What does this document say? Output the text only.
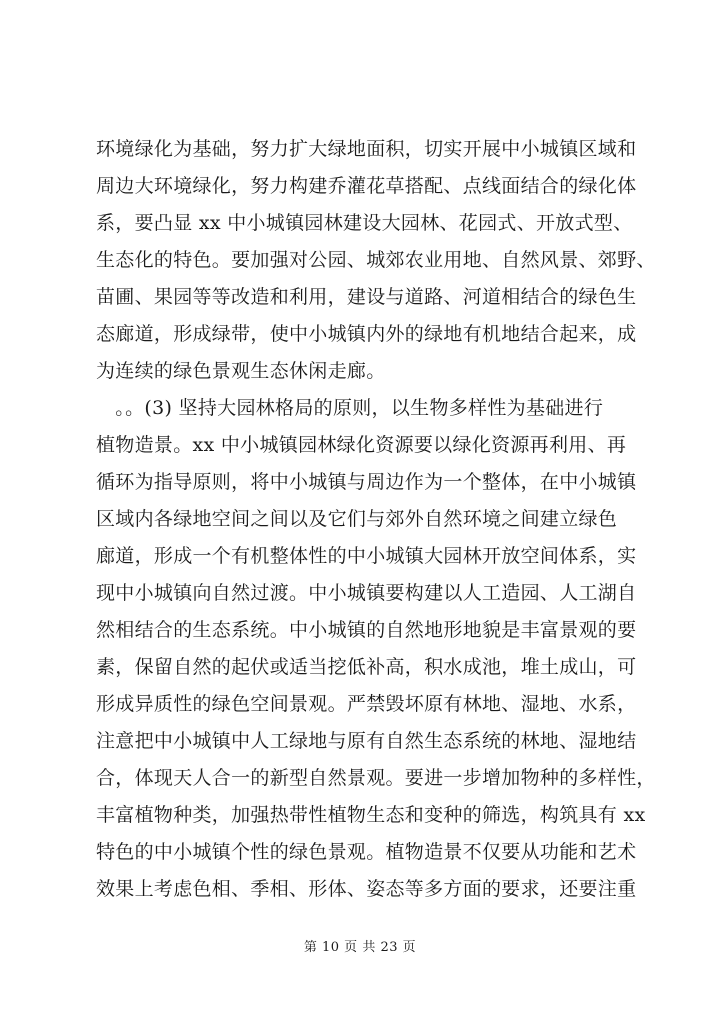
环境绿化为基础，努力扩大绿地面积，切实开展中小城镇区域和
周边大环境绿化，努力构建乔灌花草搭配、点线面结合的绿化体
系，要凸显 xx 中小城镇园林建设大园林、花园式、开放式型、
生态化的特色。要加强对公园、城郊农业用地、自然风景、郊野、
苗圃、果园等等改造和利用，建设与道路、河道相结合的绿色生
态廊道，形成绿带，使中小城镇内外的绿地有机地结合起来，成
为连续的绿色景观生态休闲走廊。
　。。(3) 坚持大园林格局的原则，以生物多样性为基础进行
植物造景。xx 中小城镇园林绿化资源要以绿化资源再利用、再
循环为指导原则，将中小城镇与周边作为一个整体，在中小城镇
区域内各绿地空间之间以及它们与郊外自然环境之间建立绿色
廊道，形成一个有机整体性的中小城镇大园林开放空间体系，实
现中小城镇向自然过渡。中小城镇要构建以人工造园、人工湖自
然相结合的生态系统。中小城镇的自然地形地貌是丰富景观的要
素，保留自然的起伏或适当挖低补高，积水成池，堆土成山，可
形成异质性的绿色空间景观。严禁毁坏原有林地、湿地、水系，
注意把中小城镇中人工绿地与原有自然生态系统的林地、湿地结
合，体现天人合一的新型自然景观。要进一步增加物种的多样性，
丰富植物种类，加强热带性植物生态和变种的筛选，构筑具有 xx
特色的中小城镇个性的绿色景观。植物造景不仅要从功能和艺术
效果上考虑色相、季相、形体、姿态等多方面的要求，还要注重
第 10 页 共 23 页
